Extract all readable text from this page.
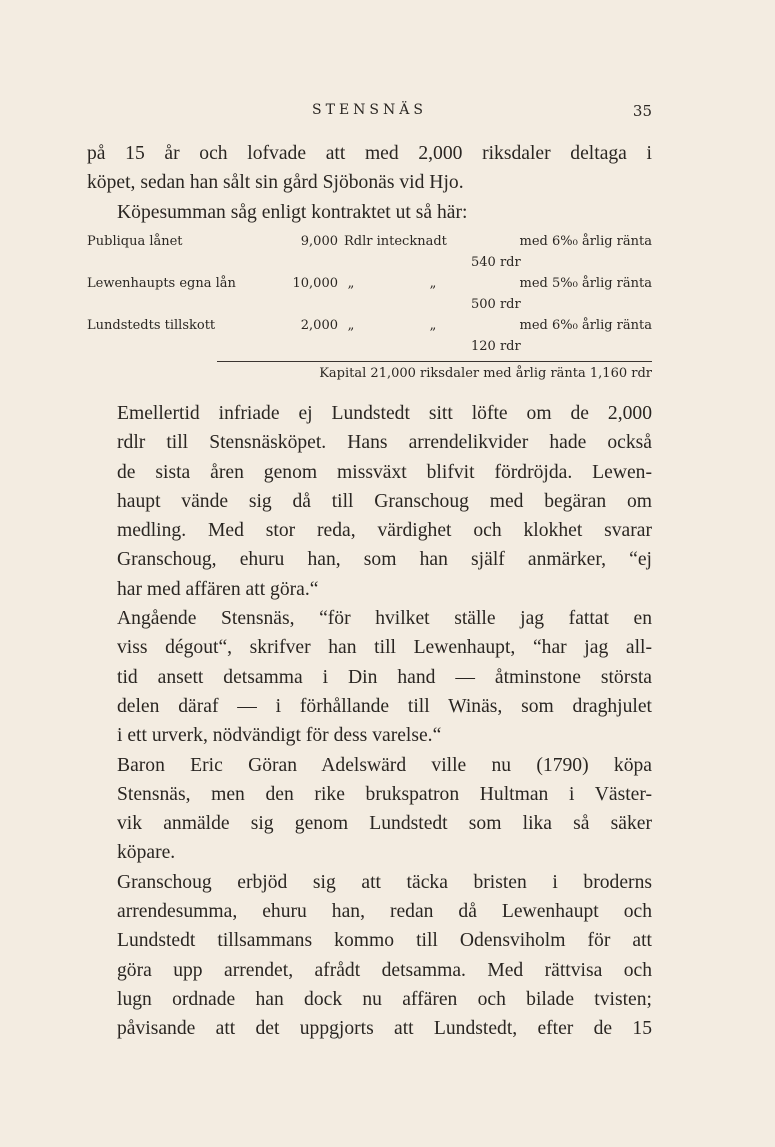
STENSNÄS	35

på 15 år och lofvade att med 2,000 riksdaler deltaga i
köpet, sedan han sålt sin gård Sjöbonäs vid Hjo.

Köpesumman såg enligt kontraktet ut så här:

Publiqua lånet	9,000 Rdlr inte‌cknadt	med 6%₀ årlig ränta
540 rdr
Lewenhaupts egna lån	10,000 „	„	med 5%₀ årlig ränta
500 rdr
Lundstedts tillskott	2,000 „	„	med 6%₀ årlig ränta
120 rdr
Kapital 21,000 riksdaler med årlig ränta 1,160 rdr

Emellertid infriade ej Lundstedt sitt löfte om de 2,000
rdlr till Stensnäsköpet. Hans arrendelikvider hade också
de sista åren genom missväxt blifvit fördröjda. Lewen-
haupt vände sig då till Granschoug med begäran om
medling. Med stor reda, värdighet och klokhet svarar
Granschoug, ehuru han, som han själf anmärker, “ej
har med affären att göra.“

Angående Stensnäs, “för hvilket ställe jag fattat en
viss dégout“, skrifver han till Lewenhaupt, “har jag all-
tid ansett detsamma i Din hand — åtminstone största
delen däraf — i förhållande till Winäs, som draghjulet
i ett urverk, nödvändigt för dess varelse.“

Baron Eric Göran Adelswärd ville nu (1790) köpa
Stensnäs, men den rike brukspatron Hultman i Väster-
vik anmälde sig genom Lundstedt som lika så säker
köpare.

Granschoug erbjöd sig att täcka bristen i broderns
arrendesumma, ehuru han, redan då Lewenhaupt och
Lundstedt tillsammans kommo till Odensviholm för att
göra upp arrendet, afrådt detsamma. Med rättvisa och
lugn ordnade han dock nu affären och bilade tvisten;
påvisande att det uppgjorts att Lundstedt, efter de 15
